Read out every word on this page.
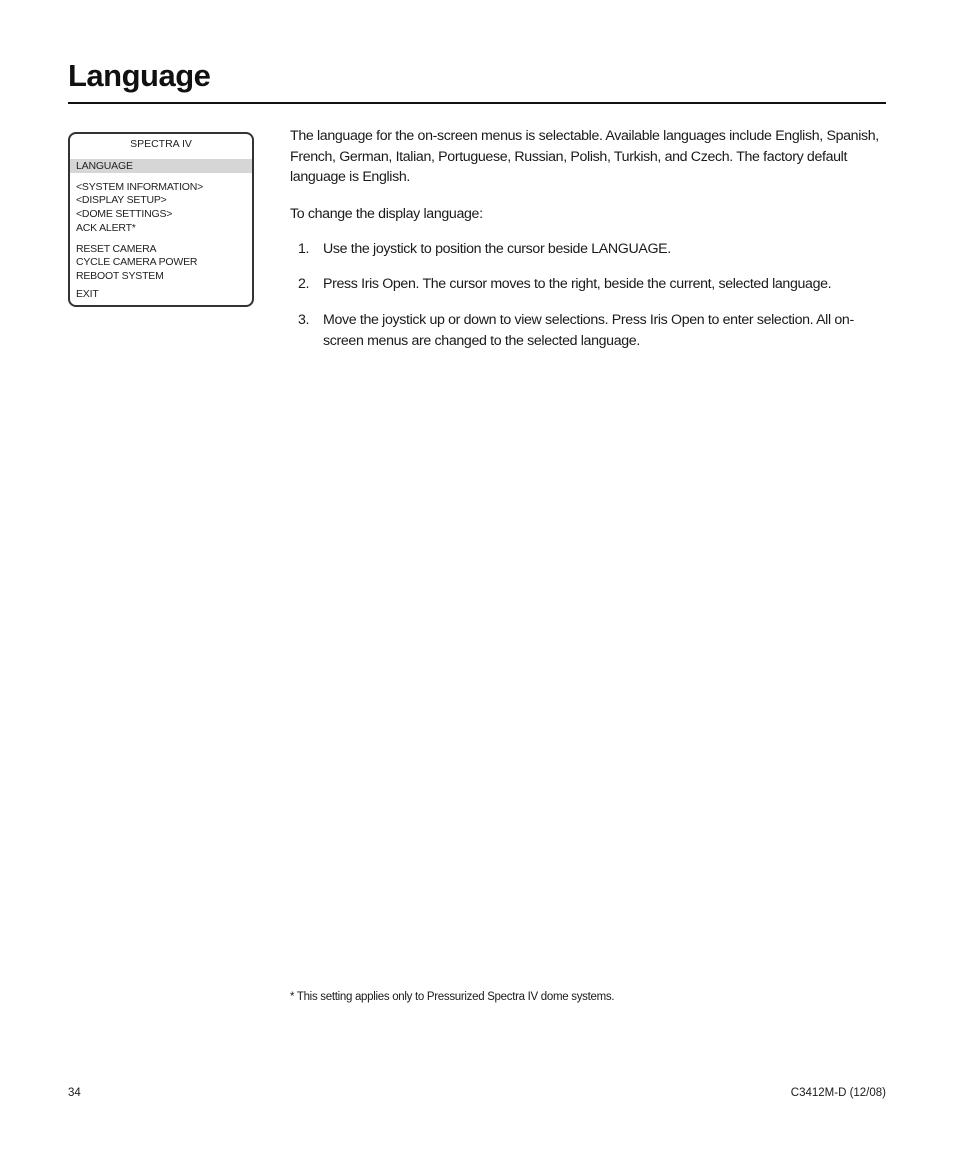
Language
SPECTRA IV
LANGUAGE
<SYSTEM INFORMATION>
<DISPLAY SETUP>
<DOME SETTINGS>
ACK ALERT*
RESET CAMERA
CYCLE CAMERA POWER
REBOOT SYSTEM
EXIT

The language for the on-screen menus is selectable. Available languages include English, Spanish, French, German, Italian, Portuguese, Russian, Polish, Turkish, and Czech. The factory default language is English.

To change the display language:

1. Use the joystick to position the cursor beside LANGUAGE.
2. Press Iris Open. The cursor moves to the right, beside the current, selected language.
3. Move the joystick up or down to view selections. Press Iris Open to enter selection. All on-screen menus are changed to the selected language.
* This setting applies only to Pressurized Spectra IV dome systems.
34	C3412M-D (12/08)
